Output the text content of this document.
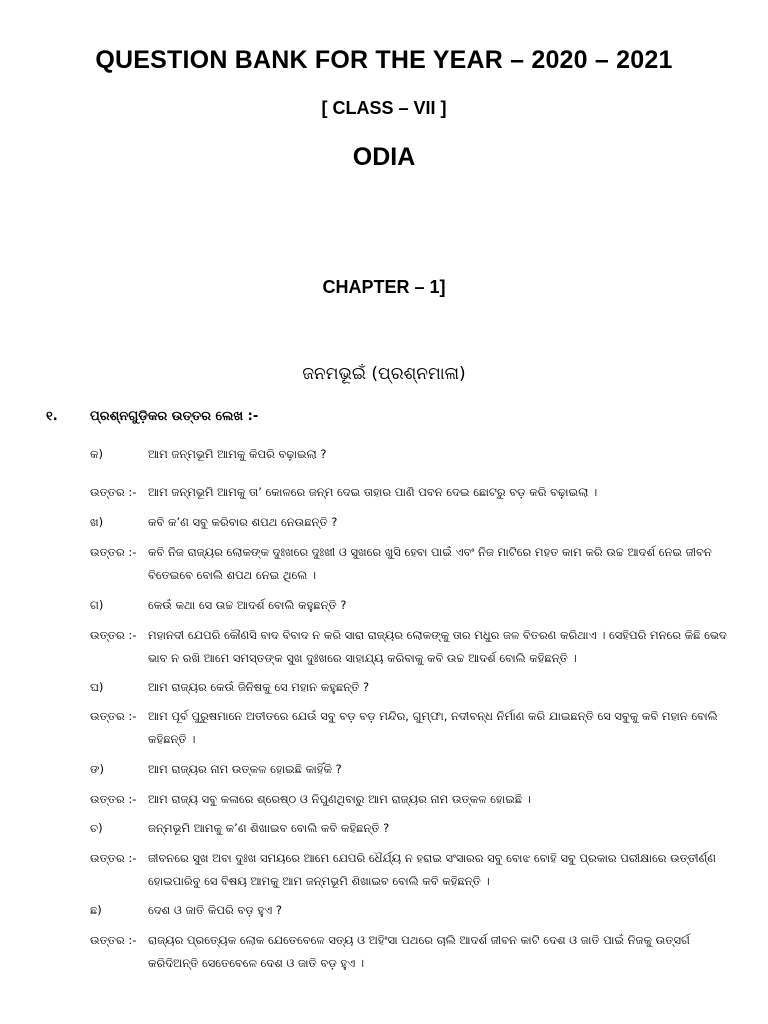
QUESTION BANK FOR THE YEAR – 2020 – 2021
[ CLASS – VII ]
ODIA
CHAPTER – 1]
ଜନମଭୂଇଁ (ପ୍ରଶ୍ନମାଳା)
୧. ପ୍ରଶ୍ନଗୁଡ଼ିକର ଉତ୍ତର ଲେଖ :-
କ)	ଆମ ଜନ୍ମଭୂମି ଆମକୁ କିପରି ବଢ଼ାଇଲା ?
ଉତ୍ତର :- ଆମ ଜନ୍ମଭୂମି ଆମକୁ ତା’ କୋଳରେ ଜନ୍ମ ଦେଇ ତାହାର ପାଣି ପବନ ଦେଇ ଛୋଟରୁ ବଡ଼ କରି ବଢ଼ାଇଲା ।
ଖ)	କବି କ’ଣ ସବୁ କରିବାର ଶପଥ ନେଉଛନ୍ତି ?
ଉତ୍ତର :- କବି ନିଜ ରାଜ୍ୟର ଲୋକଙ୍କ ଦୁଃଖରେ ଦୁଃଖୀ ଓ ସୁଖରେ ଖୁସି ହେବା ପାଇଁ ଏବଂ ନିଜ ମାଟିରେ ମହତ କାମ କରି ଉଚ୍ଚ ଆଦର୍ଶ ନେଇ ଜୀବନ ବିତେଇବେ ବୋଲି ଶପଥ ନେଇ ଥିଲେ ।
ଗ)	କେଉଁ କଥା ସେ ଉଚ୍ଚ ଆଦର୍ଶ ବୋଲି କହୁଛନ୍ତି ?
ଉତ୍ତର :- ମହାନଦୀ ଯେପରି କୌଣସି ବାଦ ବିବାଦ ନ କରି ସାରା ରାଜ୍ୟର ଲୋକଙ୍କୁ ତାର ମଧୁର ଜଳ ବିତରଣ କରିଥାଏ । ସେହିପରି ମନରେ କିଛି ଭେଦ ଭାବ ନ ରଖି ଆମେ ସମସ୍ତଙ୍କ ସୁଖ ଦୁଃଖରେ ସାହାଯ୍ୟ କରିବାକୁ କବି ଉଚ୍ଚ ଆଦର୍ଶ ବୋଲି କହିଛନ୍ତି ।
ଘ)	ଆମ ରାଜ୍ୟର କେଉଁ ଜିନିଷକୁ ସେ ମହାନ କହୁଛନ୍ତି ?
ଉତ୍ତର :- ଆମ ପୂର୍ବ ପୁରୁଷମାନେ ଅତୀତରେ ଯେଉଁ ସବୁ ବଡ଼ ବଡ଼ ମନ୍ଦିର, ଗୁମ୍ଫା, ନଦୀବନ୍ଧ ନିର୍ମାଣ କରି ଯାଇଛନ୍ତି ସେ ସବୁକୁ କବି ମହାନ ବୋଲି କହିଛନ୍ତି ।
ଙ)	ଆମ ରାଜ୍ୟର ନାମ ଉତ୍କଳ ହୋଇଛି କାହିଁକି ?
ଉତ୍ତର :- ଆମ ରାଜ୍ୟ ସବୁ କଳାରେ ଶ୍ରେଷ୍ଠ ଓ ନିପୁଣଥିବାରୁ ଆମ ରାଜ୍ୟର ନାମ ଉତ୍କଳ ହୋଇଛି ।
ଚ)	ଜନ୍ମଭୂମି ଆମକୁ କ’ଣ ଶିଖାଇବ ବୋଲି କବି କହିଛନ୍ତି ?
ଉତ୍ତର :- ଜୀବନରେ ସୁଖ ଅବା ଦୁଃଖ ସମୟରେ ଆମେ ଯେପରି ଧୈର୍ଯ୍ୟ ନ ହରାଇ ସଂସାରର ସବୁ ବୋଝ ବୋହି ସବୁ ପ୍ରକାର ପରୀକ୍ଷାରେ ଉତ୍ତୀର୍ଣ୍ଣ ହୋଇପାରିବୁ ସେ ବିଷୟ ଆମକୁ ଆମ ଜନ୍ମଭୂମି ଶିଖାଇବ ବୋଲି କବି କହିଛନ୍ତି ।
ଛ)	ଦେଶ ଓ ଜାତି କିପରି ବଡ଼ ହୁଏ ?
ଉତ୍ତର :- ରାଜ୍ୟର ପ୍ରତ୍ୟେକ ଲୋକ ଯେତେବେଳେ ସତ୍ୟ ଓ ଅହିଂସା ପଥରେ ଚାଲି ଆଦର୍ଶ ଜୀବନ କାଟି ଦେଶ ଓ ଜାତି ପାଇଁ ନିଜକୁ ଉତ୍ସର୍ଗ କରିଦିଅନ୍ତି ସେତେବେଳେ ଦେଶ ଓ ଜାତି ବଡ଼ ହୁଏ ।
